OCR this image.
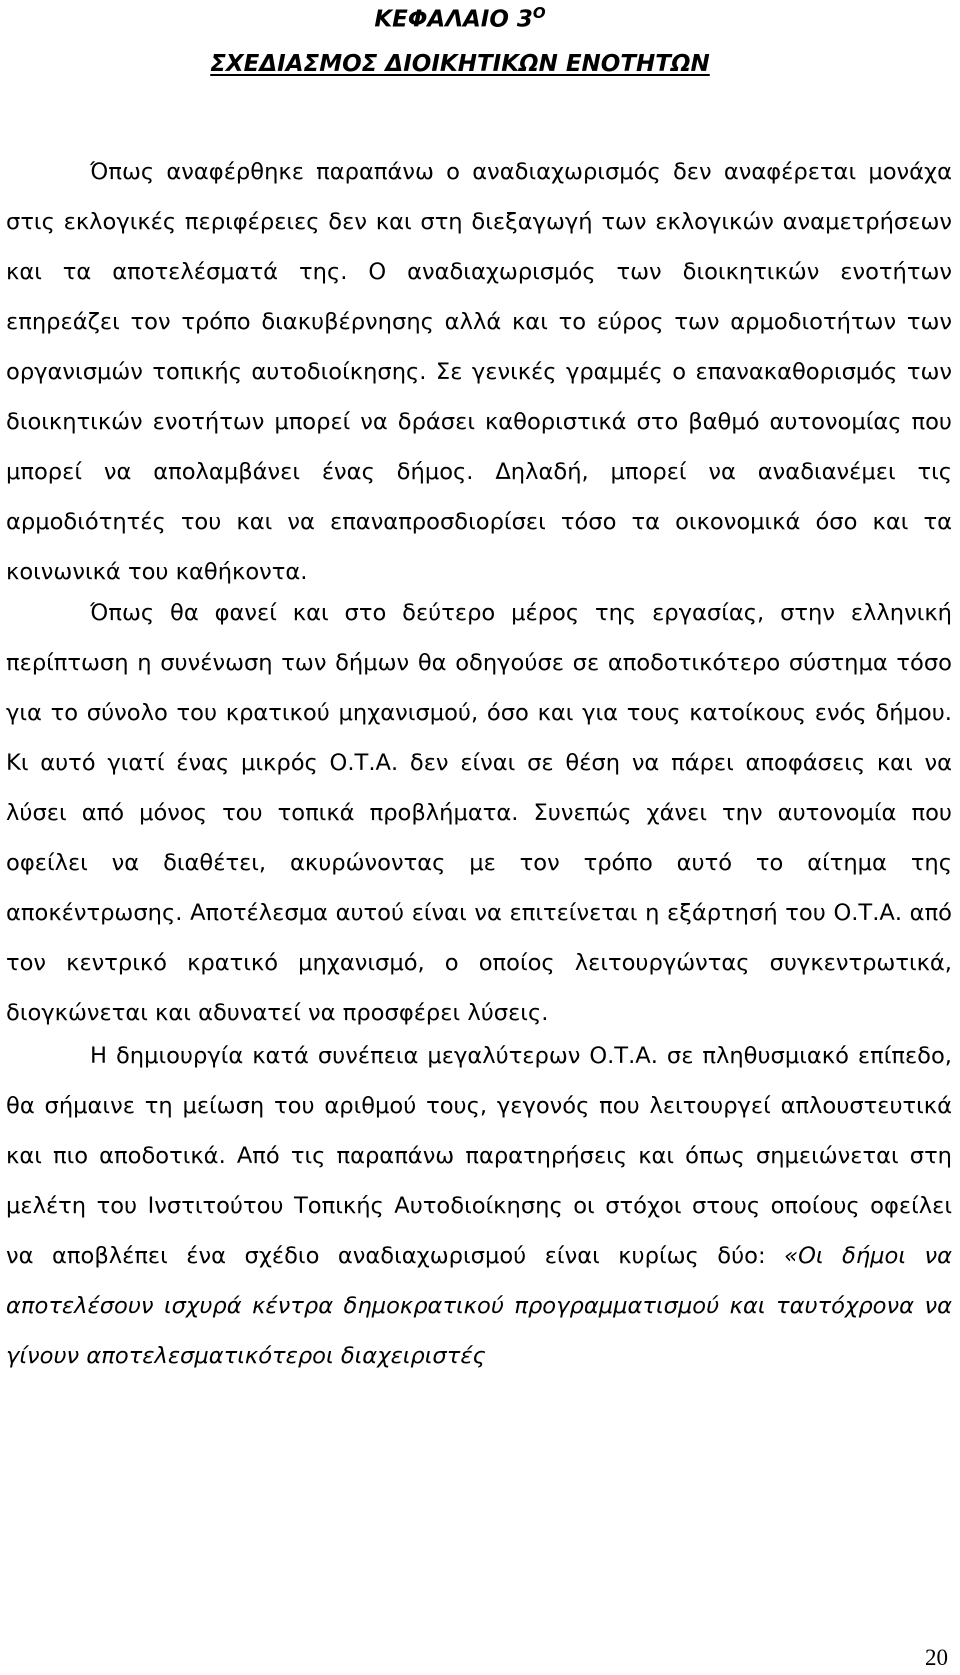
ΚΕΦΑΛΑΙΟ $3^O$
ΣΧΕΔΙΑΣΜΟΣ ΔΙΟΙΚΗΤΙΚΩΝ ΕΝΟΤΗΤΩΝ

Όπως αναφέρθηκε παραπάνω ο αναδιαχωρισμός δεν αναφέρεται μονάχα στις εκλογικές περιφέρειες δεν και στη διεξαγωγή των εκλογικών αναμετρήσεων και τα αποτελέσματά της. Ο αναδιαχωρισμός των διοικητικών ενοτήτων επηρεάζει τον τρόπο διακυβέρνησης αλλά και το εύρος των αρμοδιοτήτων των οργανισμών τοπικής αυτοδιοίκησης. Σε γενικές γραμμές ο επανακαθορισμός των διοικητικών ενοτήτων μπορεί να δράσει καθοριστικά στο βαθμό αυτονομίας που μπορεί να απολαμβάνει ένας δήμος. Δηλαδή, μπορεί να αναδιανέμει τις αρμοδιότητές του και να επαναπροσδιορίσει τόσο τα οικονομικά όσο και τα κοινωνικά του καθήκοντα.

Όπως θα φανεί και στο δεύτερο μέρος της εργασίας, στην ελληνική περίπτωση η συνένωση των δήμων θα οδηγούσε σε αποδοτικότερο σύστημα τόσο για το σύνολο του κρατικού μηχανισμού, όσο και για τους κατοίκους ενός δήμου. Κι αυτό γιατί ένας μικρός Ο.Τ.Α. δεν είναι σε θέση να πάρει αποφάσεις και να λύσει από μόνος του τοπικά προβλήματα. Συνεπώς χάνει την αυτονομία που οφείλει να διαθέτει, ακυρώνοντας με τον τρόπο αυτό το αίτημα της αποκέντρωσης. Αποτέλεσμα αυτού είναι να επιτείνεται η εξάρτησή του Ο.Τ.Α. από τον κεντρικό κρατικό μηχανισμό, ο οποίος λειτουργώντας συγκεντρωτικά, διογκώνεται και αδυνατεί να προσφέρει λύσεις.

Η δημιουργία κατά συνέπεια μεγαλύτερων Ο.Τ.Α. σε πληθυσμιακό επίπεδο, θα σήμαινε τη μείωση του αριθμού τους, γεγονός που λειτουργεί απλουστευτικά και πιο αποδοτικά. Από τις παραπάνω παρατηρήσεις και όπως σημειώνεται στη μελέτη του Ινστιτούτου Τοπικής Αυτοδιοίκησης οι στόχοι στους οποίους οφείλει να αποβλέπει ένα σχέδιο αναδιαχωρισμού είναι κυρίως δύο: «Οι δήμοι να αποτελέσουν ισχυρά κέντρα δημοκρατικού προγραμματισμού και ταυτόχρονα να γίνουν αποτελεσματικότεροι διαχειριστές

20
